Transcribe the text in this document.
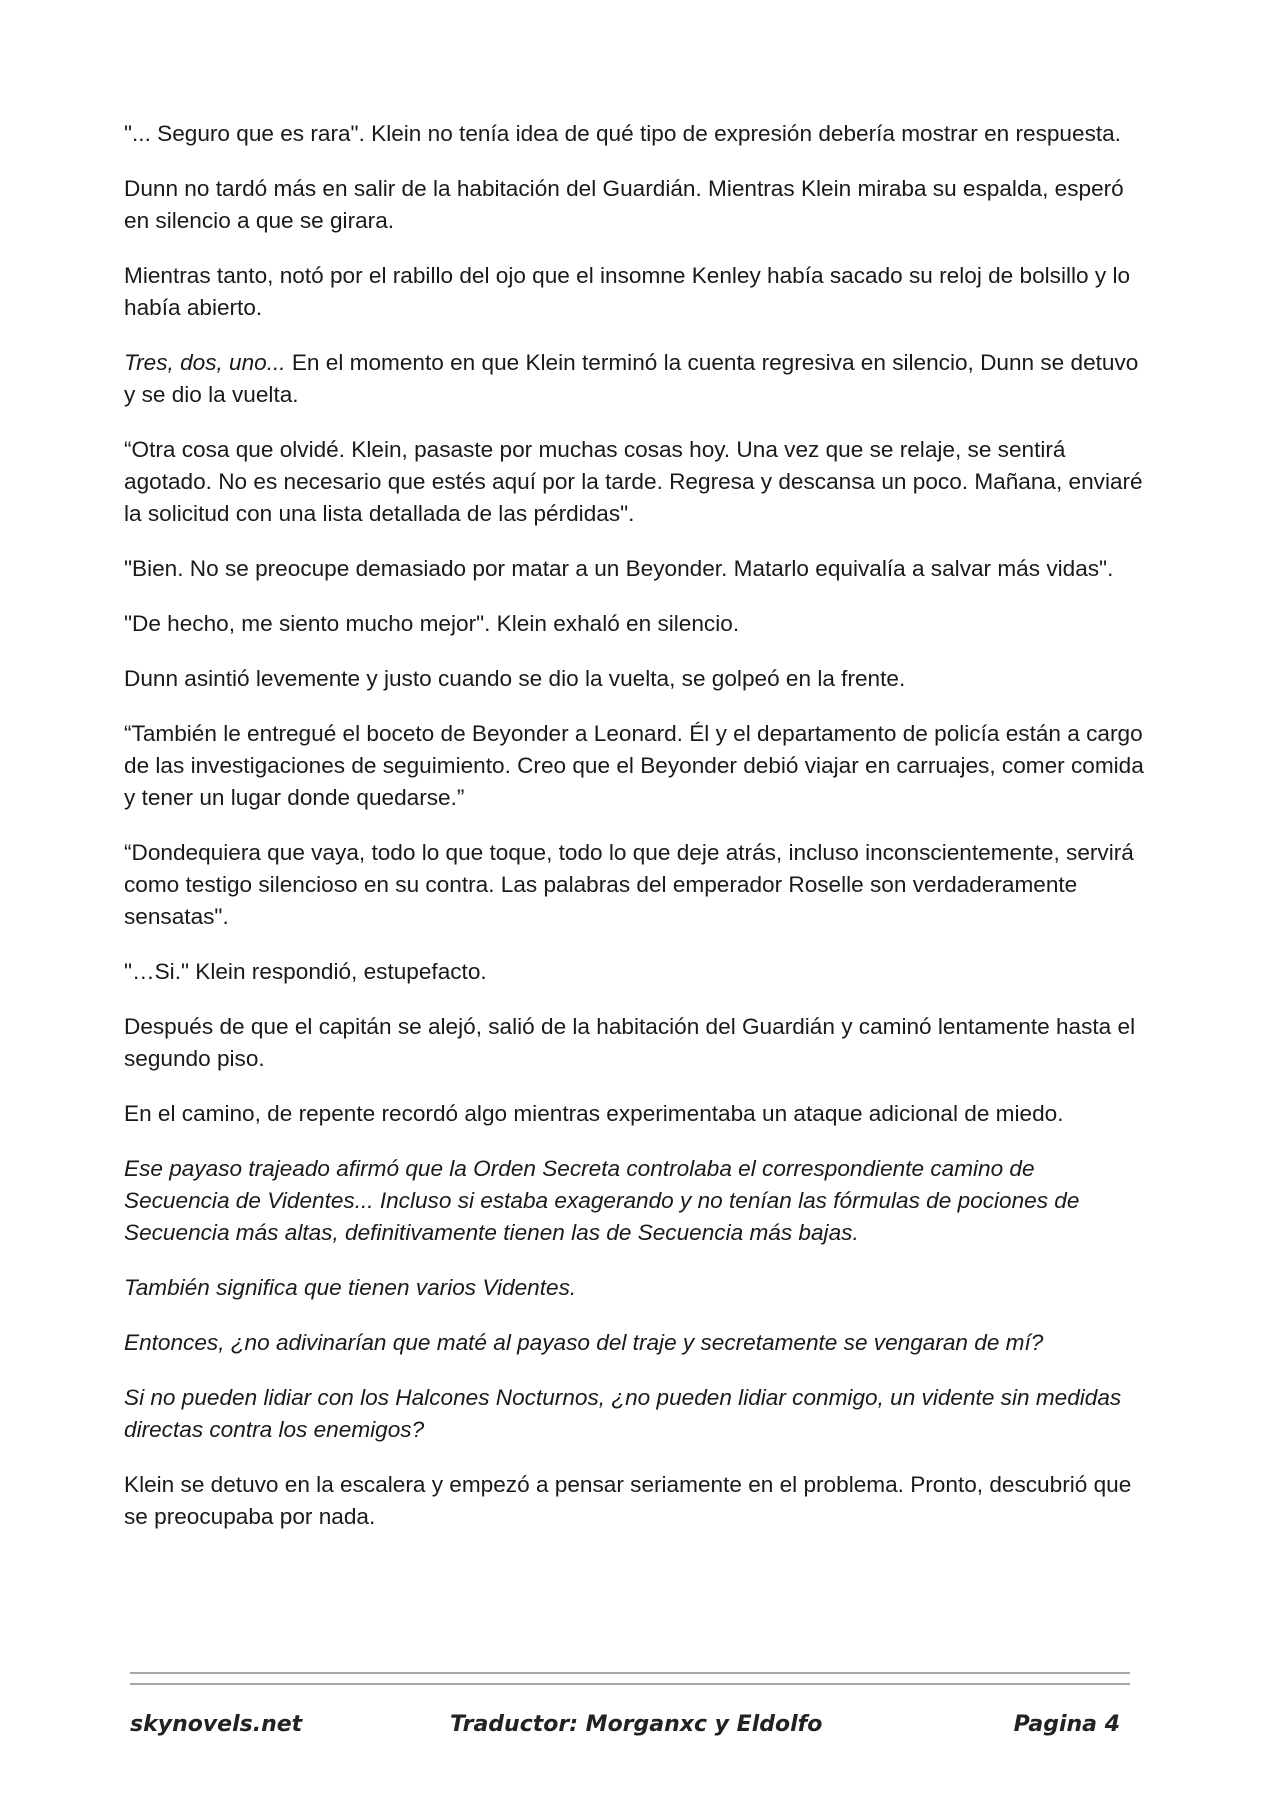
"... Seguro que es rara". Klein no tenía idea de qué tipo de expresión debería mostrar en respuesta.

Dunn no tardó más en salir de la habitación del Guardián. Mientras Klein miraba su espalda, esperó en silencio a que se girara.

Mientras tanto, notó por el rabillo del ojo que el insomne Kenley había sacado su reloj de bolsillo y lo había abierto.

Tres, dos, uno... En el momento en que Klein terminó la cuenta regresiva en silencio, Dunn se detuvo y se dio la vuelta.

“Otra cosa que olvidé. Klein, pasaste por muchas cosas hoy. Una vez que se relaje, se sentirá agotado. No es necesario que estés aquí por la tarde. Regresa y descansa un poco. Mañana, enviaré la solicitud con una lista detallada de las pérdidas".

"Bien. No se preocupe demasiado por matar a un Beyonder. Matarlo equivalía a salvar más vidas".

"De hecho, me siento mucho mejor". Klein exhaló en silencio.

Dunn asintió levemente y justo cuando se dio la vuelta, se golpeó en la frente.

“También le entregué el boceto de Beyonder a Leonard. Él y el departamento de policía están a cargo de las investigaciones de seguimiento. Creo que el Beyonder debió viajar en carruajes, comer comida y tener un lugar donde quedarse.”

“Dondequiera que vaya, todo lo que toque, todo lo que deje atrás, incluso inconscientemente, servirá como testigo silencioso en su contra. Las palabras del emperador Roselle son verdaderamente sensatas".

"…Si." Klein respondió, estupefacto.

Después de que el capitán se alejó, salió de la habitación del Guardián y caminó lentamente hasta el segundo piso.

En el camino, de repente recordó algo mientras experimentaba un ataque adicional de miedo.

Ese payaso trajeado afirmó que la Orden Secreta controlaba el correspondiente camino de Secuencia de Videntes... Incluso si estaba exagerando y no tenían las fórmulas de pociones de Secuencia más altas, definitivamente tienen las de Secuencia más bajas.

También significa que tienen varios Videntes.

Entonces, ¿no adivinarían que maté al payaso del traje y secretamente se vengaran de mí?

Si no pueden lidiar con los Halcones Nocturnos, ¿no pueden lidiar conmigo, un vidente sin medidas directas contra los enemigos?

Klein se detuvo en la escalera y empezó a pensar seriamente en el problema. Pronto, descubrió que se preocupaba por nada.

skynovels.net	Traductor: Morganxc y Eldolfo	Pagina 4
